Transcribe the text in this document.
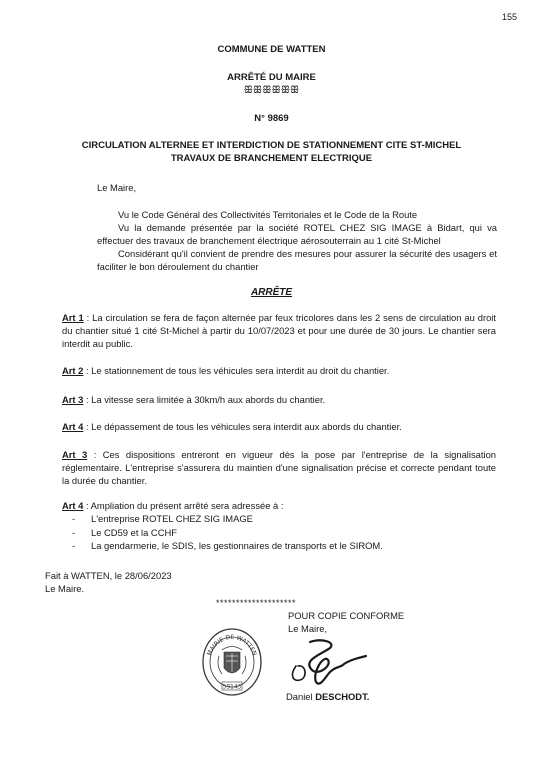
155
COMMUNE DE WATTEN
ARRÊTÉ DU MAIRE
ꕥꕥꕥꕥꕥꕥ
N° 9869
CIRCULATION ALTERNEE ET INTERDICTION DE STATIONNEMENT CITE ST-MICHEL
TRAVAUX DE BRANCHEMENT ELECTRIQUE
Le Maire,
Vu le Code Général des Collectivités Territoriales et le Code de la Route
Vu la demande présentée par la société ROTEL CHEZ SIG IMAGE à Bidart, qui va effectuer des travaux de branchement électrique aérosouterrain au 1 cité St-Michel
Considérant qu'il convient de prendre des mesures pour assurer la sécurité des usagers et faciliter le bon déroulement du chantier
ARRÊTE
Art 1 : La circulation se fera de façon alternée par feux tricolores dans les 2 sens de circulation au droit du chantier situé 1 cité St-Michel à partir du 10/07/2023 et pour une durée de 30 jours. Le chantier sera interdit au public.
Art 2 : Le stationnement de tous les véhicules sera interdit au droit du chantier.
Art 3 : La vitesse sera limitée à 30km/h aux abords du chantier.
Art 4 : Le dépassement de tous les véhicules sera interdit aux abords du chantier.
Art 3 : Ces dispositions entreront en vigueur dès la pose par l'entreprise de la signalisation réglementaire. L'entreprise s'assurera du maintien d'une signalisation précise et correcte pendant toute la durée du chantier.
Art 4 : Ampliation du présent arrêté sera adressée à :
- L'entreprise ROTEL CHEZ SIG IMAGE
- Le CD59 et la CCHF
- La gendarmerie, le SDIS, les gestionnaires de transports et le SIROM.
Fait à WATTEN, le 28/06/2023
Le Maire.
********************
POUR COPIE CONFORME
Le Maire,
MAIRIE DE WATTEN
59143
Daniel DESCHODT.
